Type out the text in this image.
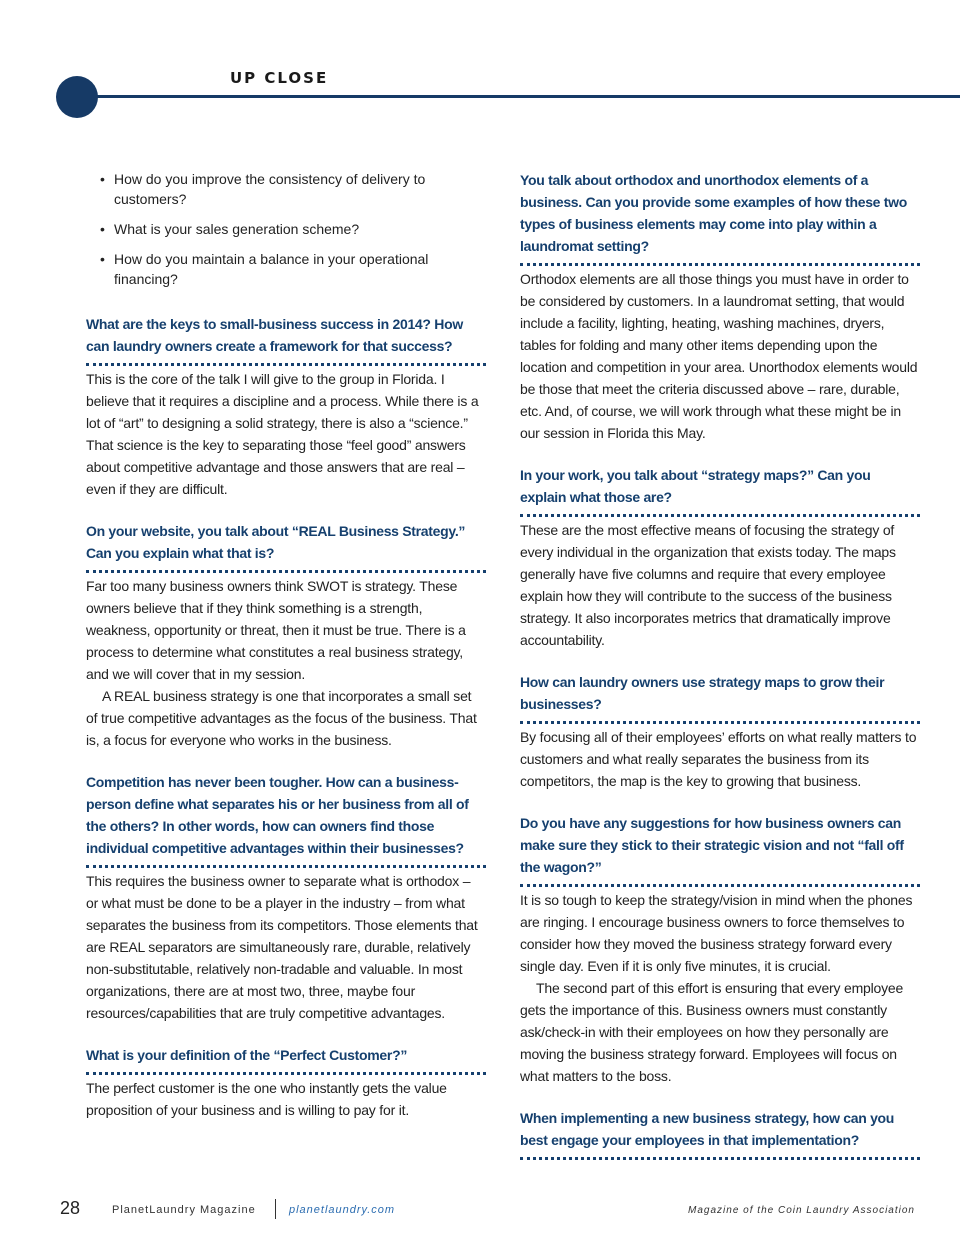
UP CLOSE
• How do you improve the consistency of delivery to customers?
• What is your sales generation scheme?
• How do you maintain a balance in your operational financing?
What are the keys to small-business success in 2014? How can laundry owners create a framework for that success?

This is the core of the talk I will give to the group in Florida. I believe that it requires a discipline and a process. While there is a lot of “art” to designing a solid strategy, there is also a “science.” That science is the key to separating those “feel good” answers about competitive advantage and those answers that are real – even if they are difficult.

On your website, you talk about “REAL Business Strategy.” Can you explain what that is?

Far too many business owners think SWOT is strategy. These owners believe that if they think something is a strength, weakness, opportunity or threat, then it must be true. There is a process to determine what constitutes a real business strategy, and we will cover that in my session.

A REAL business strategy is one that incorporates a small set of true competitive advantages as the focus of the business. That is, a focus for everyone who works in the business.

Competition has never been tougher. How can a business-person define what separates his or her business from all of the others? In other words, how can owners find those individual competitive advantages within their businesses?

This requires the business owner to separate what is orthodox – or what must be done to be a player in the industry – from what separates the business from its competitors. Those elements that are REAL separators are simultaneously rare, durable, relatively non-substitutable, relatively non-tradable and valuable. In most organizations, there are at most two, three, maybe four resources/capabilities that are truly competitive advantages.

What is your definition of the “Perfect Customer?”

The perfect customer is the one who instantly gets the value proposition of your business and is willing to pay for it.

You talk about orthodox and unorthodox elements of a business. Can you provide some examples of how these two types of business elements may come into play within a laundromat setting?

Orthodox elements are all those things you must have in order to be considered by customers. In a laundromat setting, that would include a facility, lighting, heating, washing machines, dryers, tables for folding and many other items depending upon the location and competition in your area. Unorthodox elements would be those that meet the criteria discussed above – rare, durable, etc. And, of course, we will work through what these might be in our session in Florida this May.

In your work, you talk about “strategy maps?” Can you explain what those are?

These are the most effective means of focusing the strategy of every individual in the organization that exists today. The maps generally have five columns and require that every employee explain how they will contribute to the success of the business strategy. It also incorporates metrics that dramatically improve accountability.

How can laundry owners use strategy maps to grow their businesses?

By focusing all of their employees’ efforts on what really matters to customers and what really separates the business from its competitors, the map is the key to growing that business.

Do you have any suggestions for how business owners can make sure they stick to their strategic vision and not “fall off the wagon?”

It is so tough to keep the strategy/vision in mind when the phones are ringing. I encourage business owners to force themselves to consider how they moved the business strategy forward every single day. Even if it is only five minutes, it is crucial.

The second part of this effort is ensuring that every employee gets the importance of this. Business owners must constantly ask/check-in with their employees on how they personally are moving the business strategy forward. Employees will focus on what matters to the boss.

When implementing a new business strategy, how can you best engage your employees in that implementation?
28	PlanetLaundry Magazine	planetlaundry.com	Magazine of the Coin Laundry Association
